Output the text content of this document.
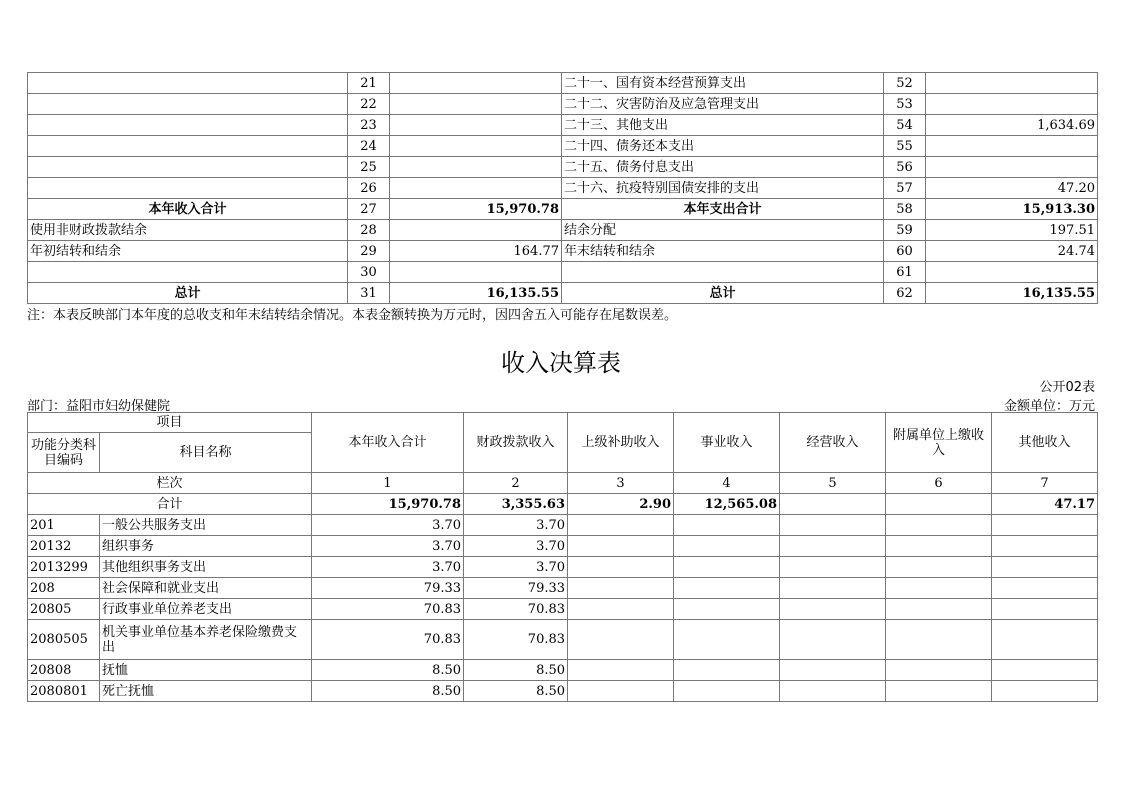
	21		二十一、国有资本经营预算支出	52	
	22		二十二、灾害防治及应急管理支出	53	
	23		二十三、其他支出	54	1,634.69
	24		二十四、债务还本支出	55	
	25		二十五、债务付息支出	56	
	26		二十六、抗疫特别国债安排的支出	57	47.20
本年收入合计	27	15,970.78	本年支出合计	58	15,913.30
使用非财政拨款结余	28		结余分配	59	197.51
年初结转和结余	29	164.77	年末结转和结余	60	24.74
	30			61	
总计	31	16,135.55	总计	62	16,135.55
注：本表反映部门本年度的总收支和年末结转结余情况。本表金额转换为万元时，因四舍五入可能存在尾数误差。
收入决算表
公开02表
部门：益阳市妇幼保健院	金额单位：万元
项目		本年收入合计	财政拨款收入	上级补助收入	事业收入	经营收入	附属单位上缴收入	其他收入
功能分类科目编码	科目名称							

栏次		1	2	3	4	5	6	7
合计		15,970.78	3,355.63	2.90	12,565.08			47.17
201	一般公共服务支出	3.70	3.70					
20132	组织事务	3.70	3.70					
2013299	其他组织事务支出	3.70	3.70					
208	社会保障和就业支出	79.33	79.33					
20805	行政事业单位养老支出	70.83	70.83					
2080505	机关事业单位基本养老保险缴费支出	70.83	70.83					
20808	抚恤	8.50	8.50					
2080801	死亡抚恤	8.50	8.50					
